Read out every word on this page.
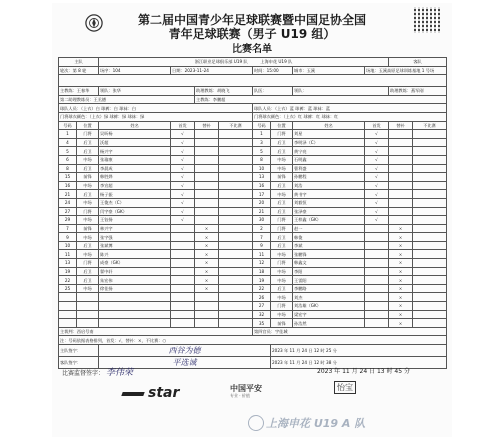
第二届中国青少年足球联赛暨中国足协全国
青年足球联赛（男子 U19 组）
比赛名单
主队		浙江职业足球俱乐部 U19 队　　　上海申花 U19 队								客队	
轮次：第 8 轮		场序：104	日期：2023-11-24			时间：15:00		城市：玉溪	场地：玉溪高原足球训练基地 1 号场		

主教练：王春华		领队：张华		助理教练：胡晓飞		队医：		领队：		助理教练：燕军刚	
第二助理教练员：王丞德				主教练：李鹏超							
球队人员：（上衣）白 球裤：白 球袜：白						球队人员：（上衣）蓝 球裤：蓝 球袜：蓝					
门将球衣颜色：（上衣）绿 球裤：绿 球袜：绿						门将球衣颜色：（上衣）红 球裤：红 球袜：红					
号码	位置	姓名	首发	替补	不比赛	号码	位置	姓名	首发	替补	不比赛
1	门将	吴昕杨	√			1	门将	刘星	√		
4	后卫	沃超	√			3	后卫	李明泽（C）	√		
5	后卫	杨兴宇	√			5	后卫	黄宁亮	√		
6	中场	张瑜康	√			8	中场	石明鑫	√		
8	后卫	李晨成	√			10	中场	曹利盛	√		
15	前锋	韩胜烨	√			13	前锋	孙鹏程	√		
16	中场	李宣超	√			16	后卫	刘浩	√		
21	后卫	杨子振	√			17	中场	黄书宇	√		
24	中场	王俊杰（C）	√			20	后卫	刘毅恒	√		
27	门将	闫宇豪（GK）	√			21	后卫	张泽豪	√		
29	中场	王钰扬	√			30	门将	王梓鑫（GK）	√		
7	前锋	林兴宇		×		2	门将	赵一		×	
9	中场	张宇强		×		7	后卫	韩俊		×	
10	后卫	张斌博		×		9	后卫	李斌		×	
11	中场	陈兴		×		11	中场	张鹏锋		×	
13	门将	成豪（GK）		×		12	门将	韩鑫文		×	
19	后卫	翟中轩		×		18	中场	李阳		×	
22	后卫	朱宏伟		×		19	中场	王雷阳		×	
25	中场	徐佳扬		×		22	后卫	李鹏路		×	
						26	中场	刘杰		×	
						27	门将	刘浩雄（GK）		×	
						32	中场	梁宏宇		×	
						35	前锋	孙浩然		×	
主裁判：西启号南						第四官员：宇佳城					
注：号码依据表格排列，首发：√，替补：×，不比赛：○											
主队签字：		西谷为德					2023 年 11 月 24 日 12 时 25 分				
客队签字：		平选诚					2023 年 11 月 24 日 12 时 38 分				
比赛监督签字： 李伟荣	2023 年 11 月 24 日 13 时 45 分
star	中国平安
专业 · 价值
怡宝
上海申花 U19 A 队
